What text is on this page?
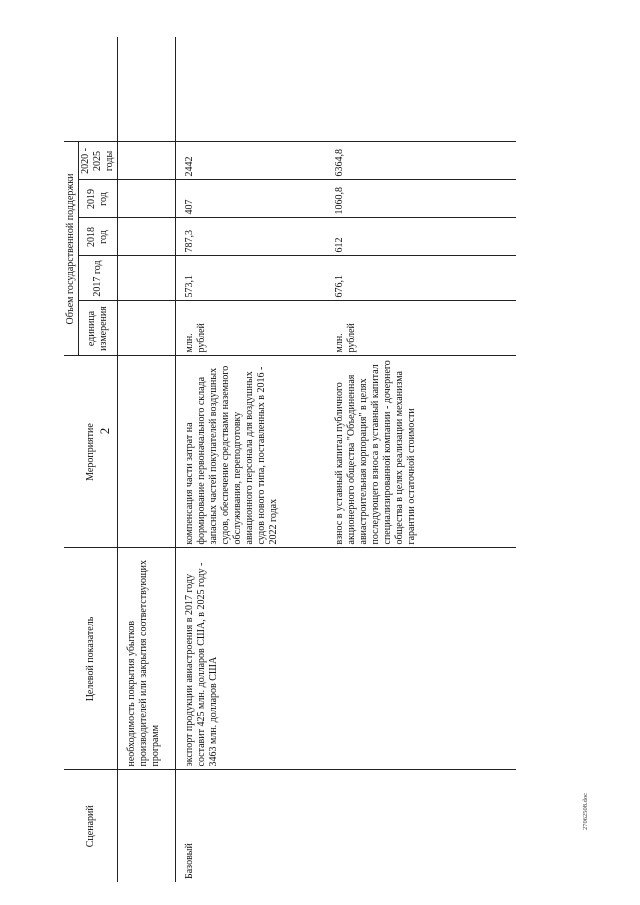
2
Сценарий	Целевой показатель	Мероприятие	Объем государственной поддержки					
			единица измерения	2017 год	2018 год	2019 год	2020 - 2025 годы	
	необходимость покрытия убытков производителей или закрытия соответствующих программ							
Базовый	экспорт продукции авиастроения в 2017 году составит 425 млн. долларов США, в 2025 году - 3463 млн. долларов США	компенсация части затрат на формирование первоначального склада запасных частей покупателей воздушных судов, обеспечение средствами наземного обслуживания, переподготовку авиационного персонала для воздушных судов нового типа, поставленных в 2016 - 2022 годах	млн. рублей	573,1	787,3	407	2442	
		взнос в уставный капитал публичного акционерного общества "Объединенная авиастроительная корпорация" в целях последующего взноса в уставный капитал специализированной компании - дочернего общества в целях реализации механизма гарантии остаточной стоимости	млн. рублей	676,1	612	1060,8	6364,8	
27062508.doc
